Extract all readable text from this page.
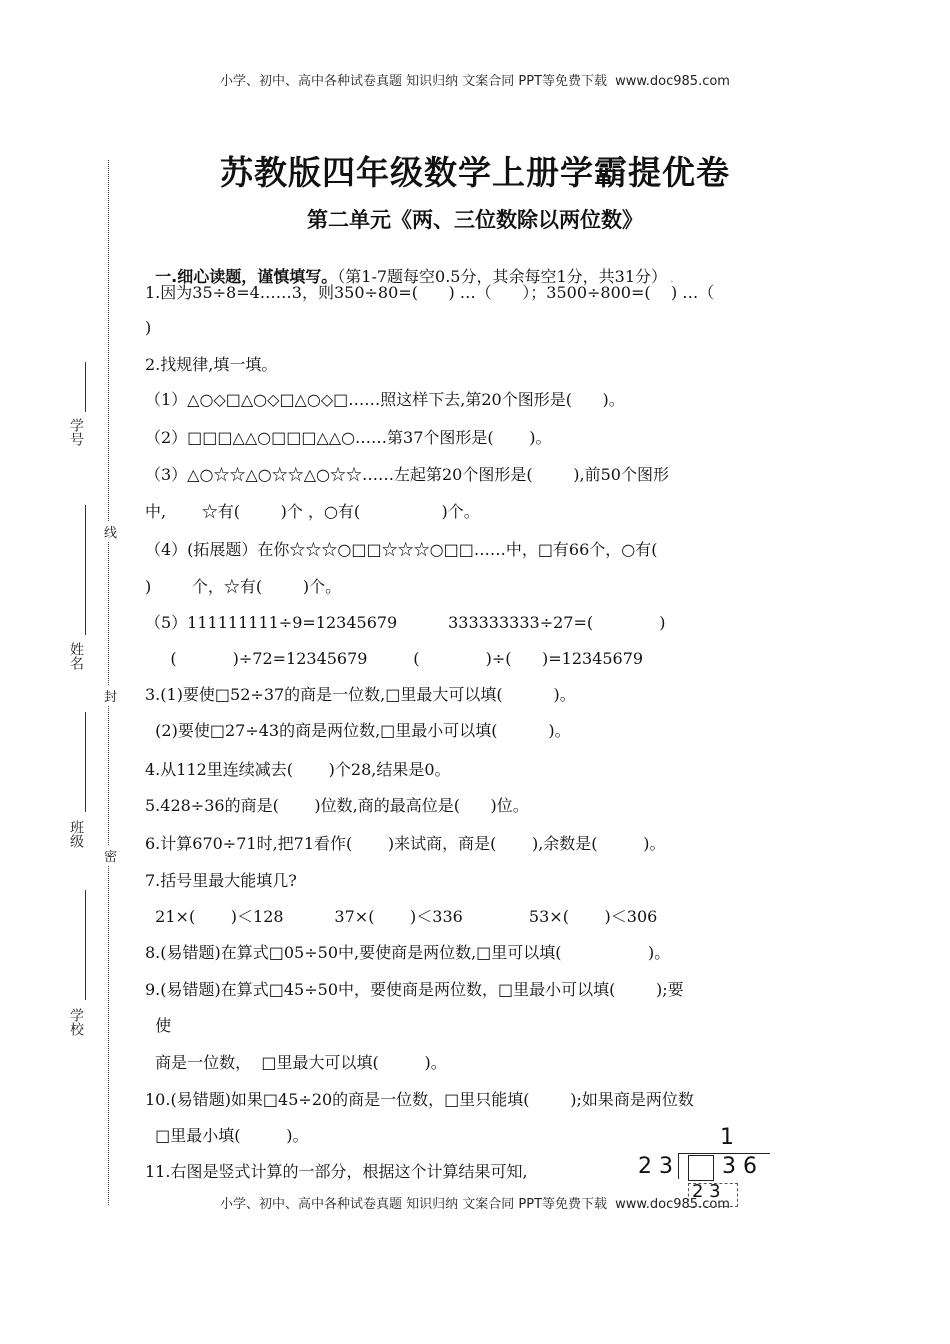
小学、初中、高中各种试卷真题 知识归纳 文案合同 PPT等免费下载 www.doc985.com
小学、初中、高中各种试卷真题 知识归纳 文案合同 PPT等免费下载 www.doc985.com
苏教版四年级数学上册学霸提优卷
第二单元《两、三位数除以两位数》

一.细心读题，谨慎填写。（第1-7题每空0.5分，其余每空1分，共31分） .

1.因为35÷8=4……3，则350÷80=(      ) …（      ）；3500÷800=(    ) …（
)
2.找规律,填一填。
（1）△○◇□△○◇□△○◇□……照这样下去,第20个图形是(      )。
（2）□□□△△○□□□△△○……第37个图形是(       )。
（3）△○☆☆△○☆☆△○☆☆……左起第20个图形是(        ),前50个图形
中,       ☆有(        )个 ，○有(                )个。
（4）(拓展题）在你☆☆☆○□□☆☆☆○□□……中，□有66个，○有(
)        个，☆有(        )个。
（5）111111111÷9=12345679          333333333÷27=(             )
(           )÷72=12345679         (             )÷(      )=12345679
3.(1)要使□52÷37的商是一位数,□里最大可以填(          )。
(2)要使□27÷43的商是两位数,□里最小可以填(          )。
4.从112里连续减去(       )个28,结果是0。
5.428÷36的商是(       )位数,商的最高位是(      )位。
6.计算670÷71时,把71看作(       )来试商，商是(       ),余数是(         )。
7.括号里最大能填几?
21×(       )＜128          37×(       )＜336             53×(       )＜306
8.(易错题)在算式□05÷50中,要使商是两位数,□里可以填(                 )。
9.(易错题)在算式□45÷50中，要使商是两位数，□里最小可以填(        );要
使
商是一位数，  □里最大可以填(         )。
10.(易错题)如果□45÷20的商是一位数，□里只能填(        );如果商是两位数
□里最小填(         )。
11.右图是竖式计算的一部分，根据这个计算结果可知,
1
2 3 3 6
2 3
学号
姓名
班级
学校
线
封
密
